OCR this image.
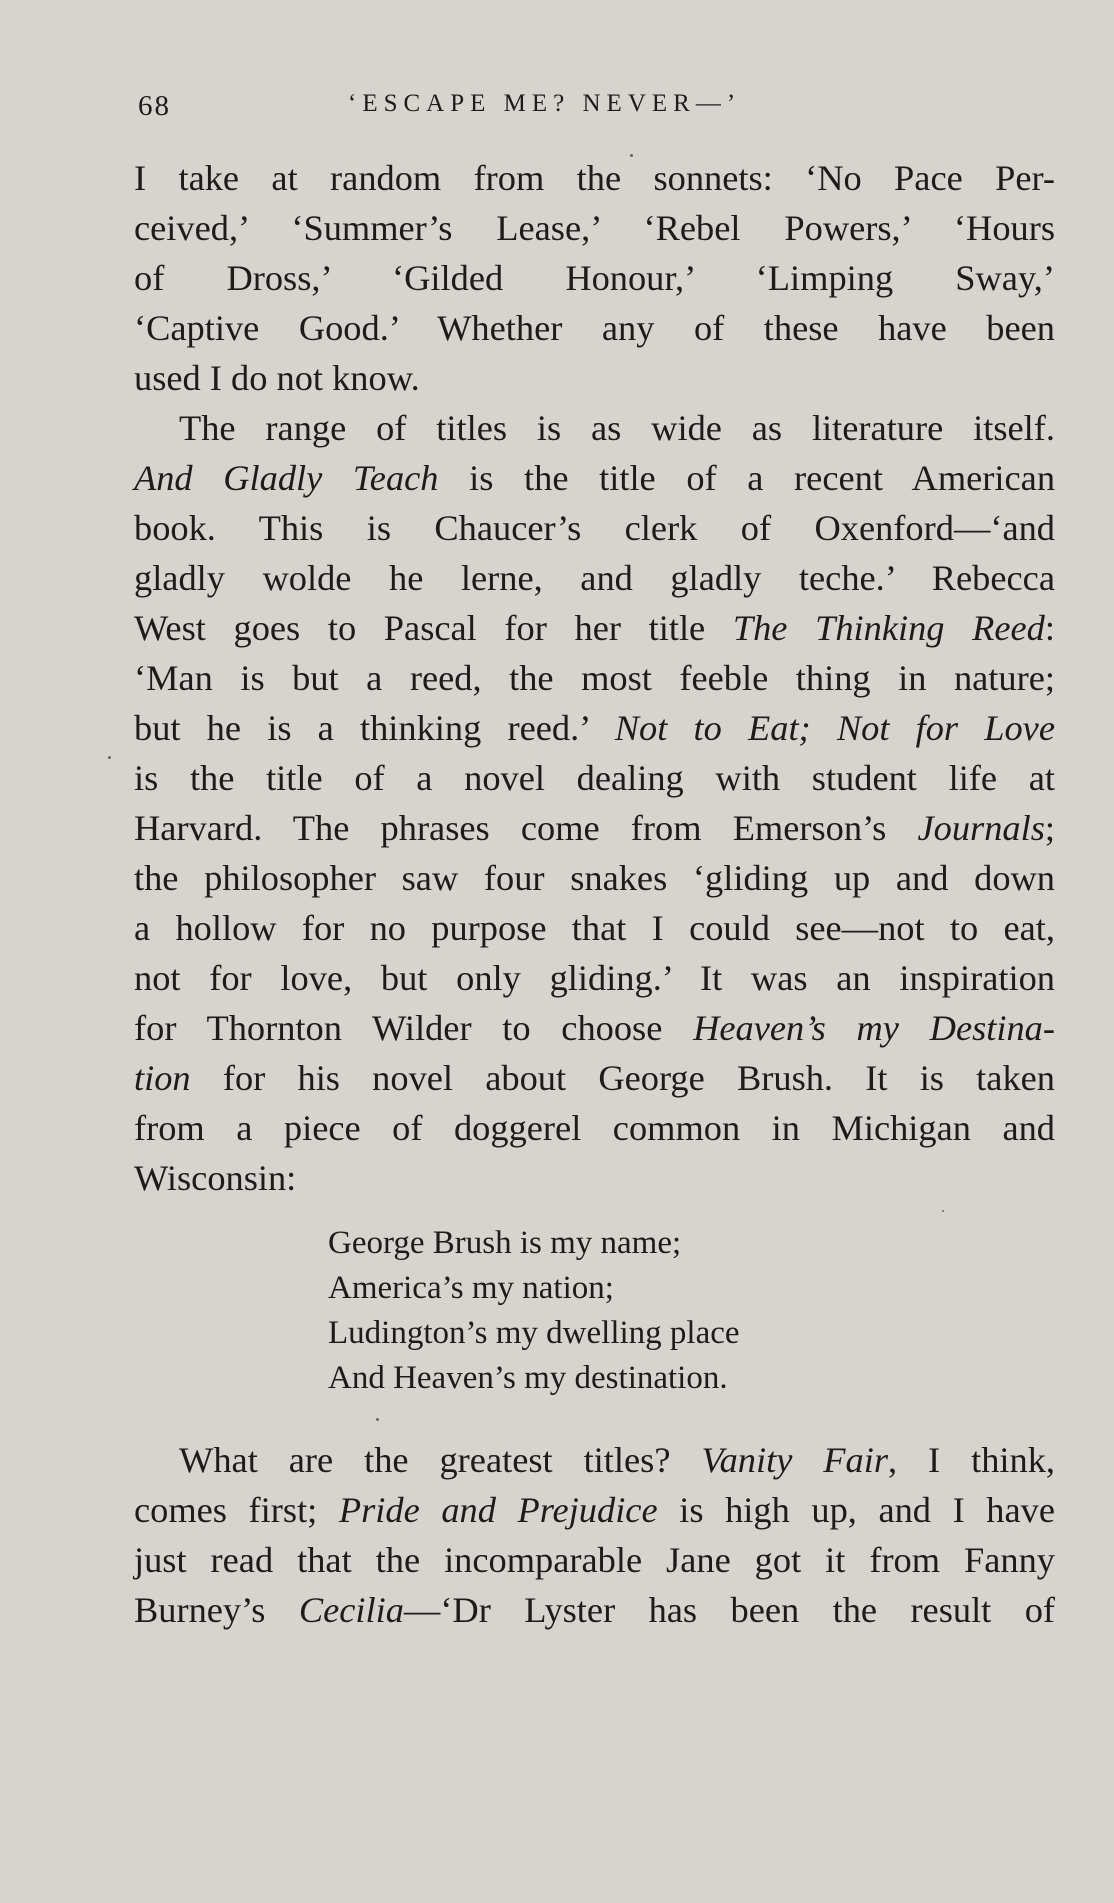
68	‘ESCAPE ME? NEVER—’

I take at random from the sonnets: ‘No Pace Per-
ceived,’ ‘Summer’s Lease,’ ‘Rebel Powers,’ ‘Hours
of Dross,’ ‘Gilded Honour,’ ‘Limping Sway,’
‘Captive Good.’ Whether any of these have been
used I do not know.

The range of titles is as wide as literature itself.
And Gladly Teach is the title of a recent American
book. This is Chaucer’s clerk of Oxenford—‘and
gladly wolde he lerne, and gladly teche.’ Rebecca
West goes to Pascal for her title The Thinking Reed:
‘Man is but a reed, the most feeble thing in nature;
but he is a thinking reed.’ Not to Eat; Not for Love
is the title of a novel dealing with student life at
Harvard. The phrases come from Emerson’s Journals;
the philosopher saw four snakes ‘gliding up and down
a hollow for no purpose that I could see—not to eat,
not for love, but only gliding.’ It was an inspiration
for Thornton Wilder to choose Heaven’s my Destina-
tion for his novel about George Brush. It is taken
from a piece of doggerel common in Michigan and
Wisconsin:

George Brush is my name;
America’s my nation;
Ludington’s my dwelling place
And Heaven’s my destination.

What are the greatest titles? Vanity Fair, I think,
comes first; Pride and Prejudice is high up, and I have
just read that the incomparable Jane got it from Fanny
Burney’s Cecilia—‘Dr Lyster has been the result of
